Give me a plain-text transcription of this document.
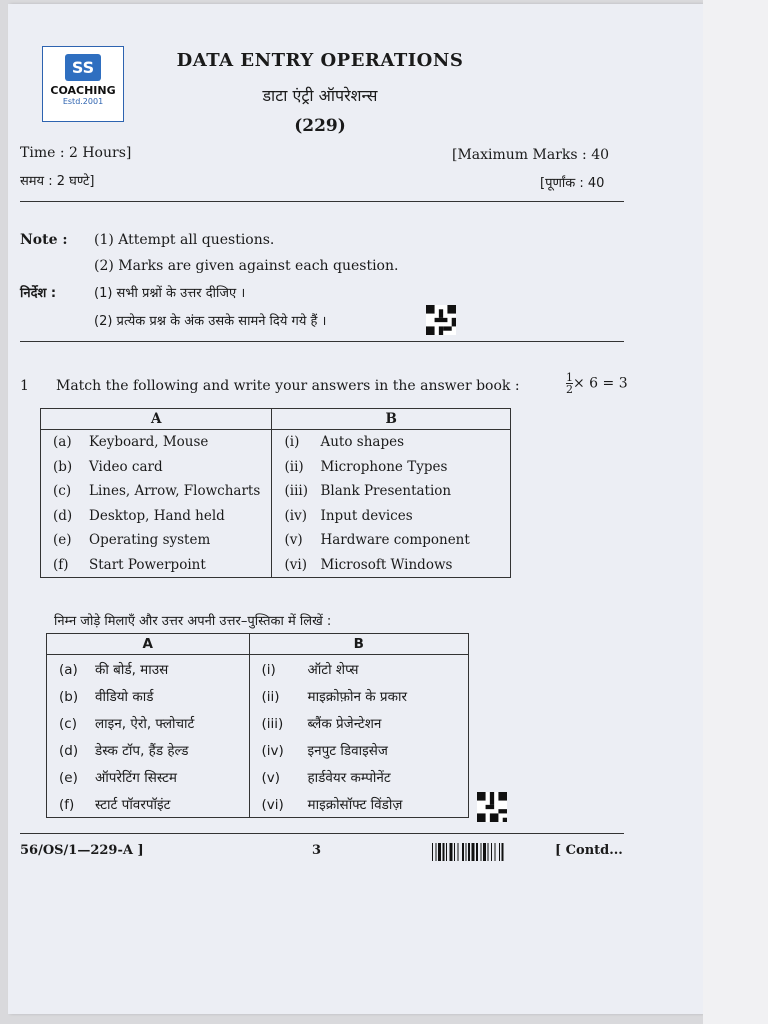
SS
COACHING
Estd.2001
DATA ENTRY OPERATIONS
डाटा एंट्री ऑपरेशन्स
(229)
Time : 2 Hours]	[Maximum Marks : 40
समय : 2 घण्टे]	[पूर्णांक : 40
Note : (1) Attempt all questions.
(2) Marks are given against each question.
निर्देश :	(1) सभी प्रश्नों के उत्तर दीजिए ।
(2) प्रत्येक प्रश्न के अंक उसके सामने दिये गये हैं ।
1 Match the following and write your answers in the answer book :	$\frac{1}{2} \times 6 = 3$
A	B
(a) Keyboard, Mouse	(i) Auto shapes
(b) Video card	(ii) Microphone Types
(c) Lines, Arrow, Flowcharts	(iii) Blank Presentation
(d) Desktop, Hand held	(iv) Input devices
(e) Operating system	(v) Hardware component
(f) Start Powerpoint	(vi) Microsoft Windows
निम्न जोड़े मिलाएँ और उत्तर अपनी उत्तर–पुस्तिका में लिखें :
A	B
(a) की बोर्ड, माउस	(i) ऑटो शेप्स
(b) वीडियो कार्ड	(ii) माइक्रोफ़ोन के प्रकार
(c) लाइन, ऐरो, फ्लोचार्ट	(iii) ब्लैंक प्रेजेन्टेशन
(d) डेस्क टॉप, हैंड हेल्ड	(iv) इनपुट डिवाइसेज
(e) ऑपरेटिंग सिस्टम	(v) हार्डवेयर कम्पोनेंट
(f) स्टार्ट पॉवरपॉइंट	(vi) माइक्रोसॉफ्ट विंडोज़
56/OS/1—229-A ]	3	[ Contd...
